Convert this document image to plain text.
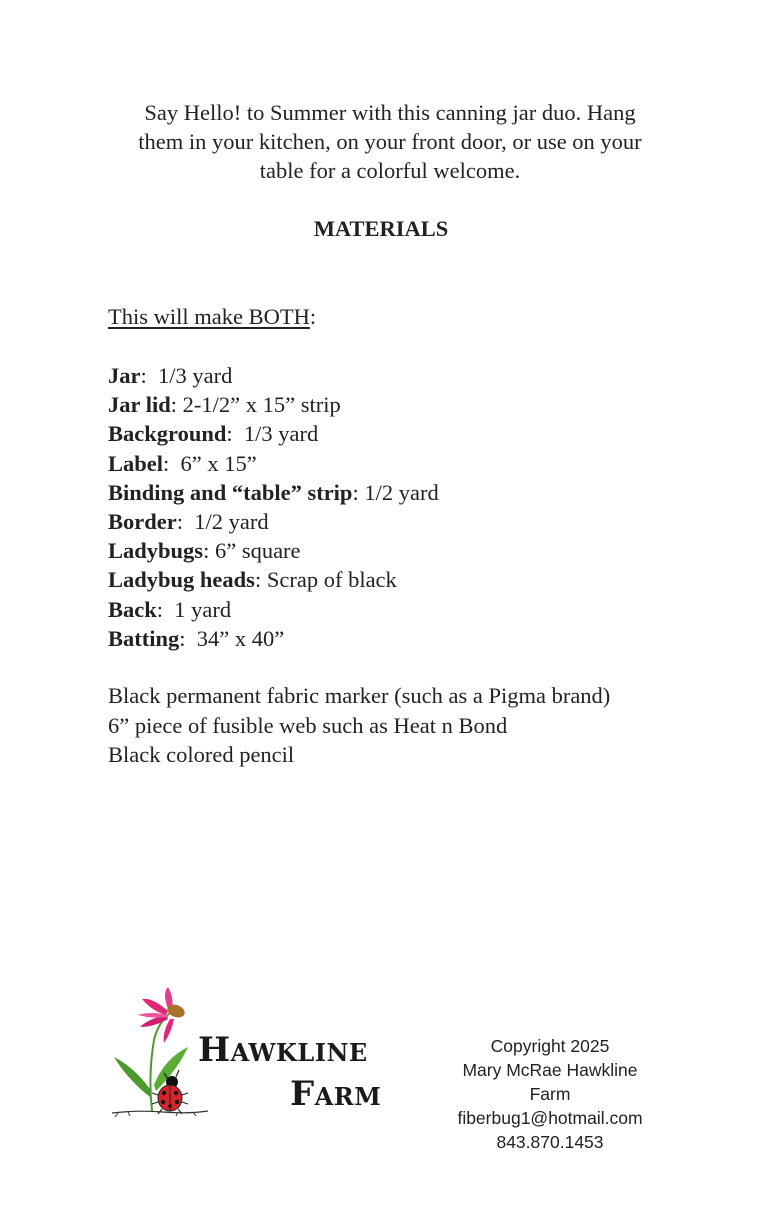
Say Hello! to Summer with this canning jar duo. Hang
them in your kitchen, on your front door, or use on your
table for a colorful welcome.
MATERIALS
This will make BOTH:
Jar:  1/3 yard
Jar lid: 2-1/2” x 15” strip
Background:  1/3 yard
Label:  6” x 15”
Binding and “table” strip: 1/2 yard
Border:  1/2 yard
Ladybugs: 6” square
Ladybug heads: Scrap of black
Back:  1 yard
Batting:  34” x 40”
Black permanent fabric marker (such as a Pigma brand)
6” piece of fusible web such as Heat n Bond
Black colored pencil
Hawkline
Farm
Copyright 2025
Mary McRae Hawkline Farm
fiberbug1@hotmail.com
843.870.1453
